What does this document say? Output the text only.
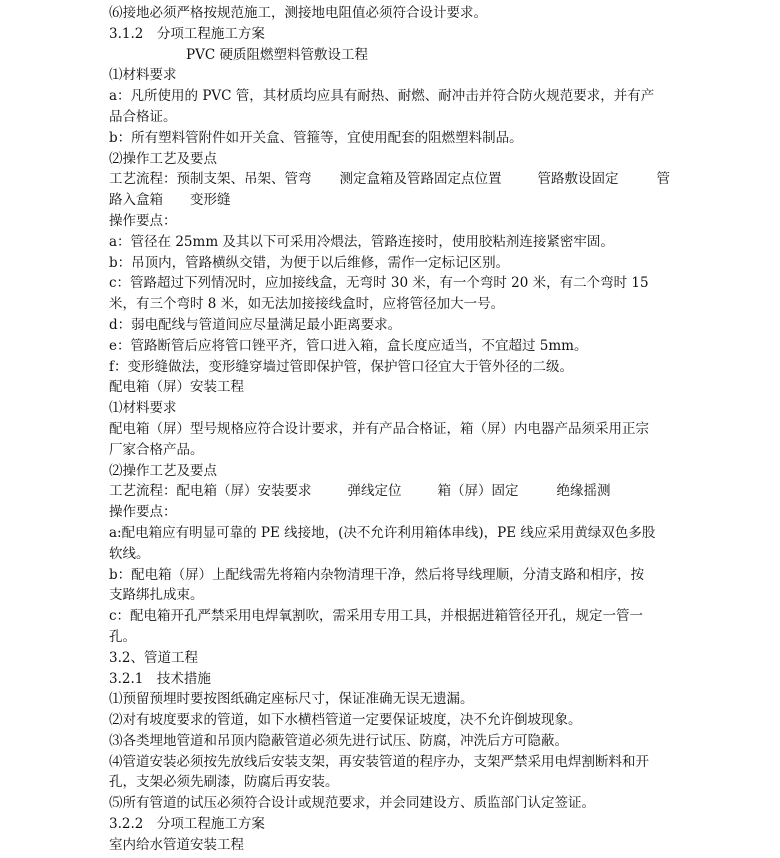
⑹接地必须严格按规范施工，测接地电阻值必须符合设计要求。
3.1.2　分项工程施工方案
PVC 硬质阻燃塑料管敷设工程
⑴材料要求
a：凡所使用的 PVC 管，其材质均应具有耐热、耐燃、耐冲击并符合防火规范要求，并有产
品合格证。
b：所有塑料管附件如开关盒、管箍等，宜使用配套的阻燃塑料制品。
⑵操作工艺及要点
工艺流程：预制支架、吊架、管弯 测定盒箱及管路固定点位置	管路敷设固定	管
路入盒箱　　变形缝
操作要点：
a：管径在 25mm 及其以下可采用冷煨法，管路连接时，使用胶粘剂连接紧密牢固。
b：吊顶内，管路横纵交错，为便于以后维修，需作一定标记区别。
c：管路超过下列情况时，应加接线盒，无弯时 30 米，有一个弯时 20 米，有二个弯时 15
米，有三个弯时 8 米，如无法加接接线盒时，应将管径加大一号。
d：弱电配线与管道间应尽量满足最小距离要求。
e：管路断管后应将管口锉平齐，管口进入箱，盒长度应适当，不宜超过 5mm。
f：变形缝做法，变形缝穿墙过管即保护管，保护管口径宜大于管外径的二级。
配电箱（屏）安装工程
⑴材料要求
配电箱（屏）型号规格应符合设计要求，并有产品合格证，箱（屏）内电器产品须采用正宗
厂家合格产品。
⑵操作工艺及要点
工艺流程：配电箱（屏）安装要求	弹线定位	箱（屏）固定	绝缘摇测
操作要点：
a:配电箱应有明显可靠的 PE 线接地，(决不允许利用箱体串线)，PE 线应采用黄绿双色多股
软线。
b：配电箱（屏）上配线需先将箱内杂物清理干净，然后将导线理顺，分清支路和相序，按
支路绑扎成束。
c：配电箱开孔严禁采用电焊氧割吹，需采用专用工具，并根据进箱管径开孔，规定一管一
孔。
3.2、管道工程
3.2.1　技术措施
⑴预留预埋时要按图纸确定座标尺寸，保证准确无误无遗漏。
⑵对有坡度要求的管道，如下水横档管道一定要保证坡度，决不允许倒坡现象。
⑶各类埋地管道和吊顶内隐蔽管道必须先进行试压、防腐，冲洗后方可隐蔽。
⑷管道安装必须按先放线后安装支架，再安装管道的程序办，支架严禁采用电焊割断料和开
孔，支架必须先刷漆，防腐后再安装。
⑸所有管道的试压必须符合设计或规范要求，并会同建设方、质监部门认定签证。
3.2.2　分项工程施工方案
室内给水管道安装工程
